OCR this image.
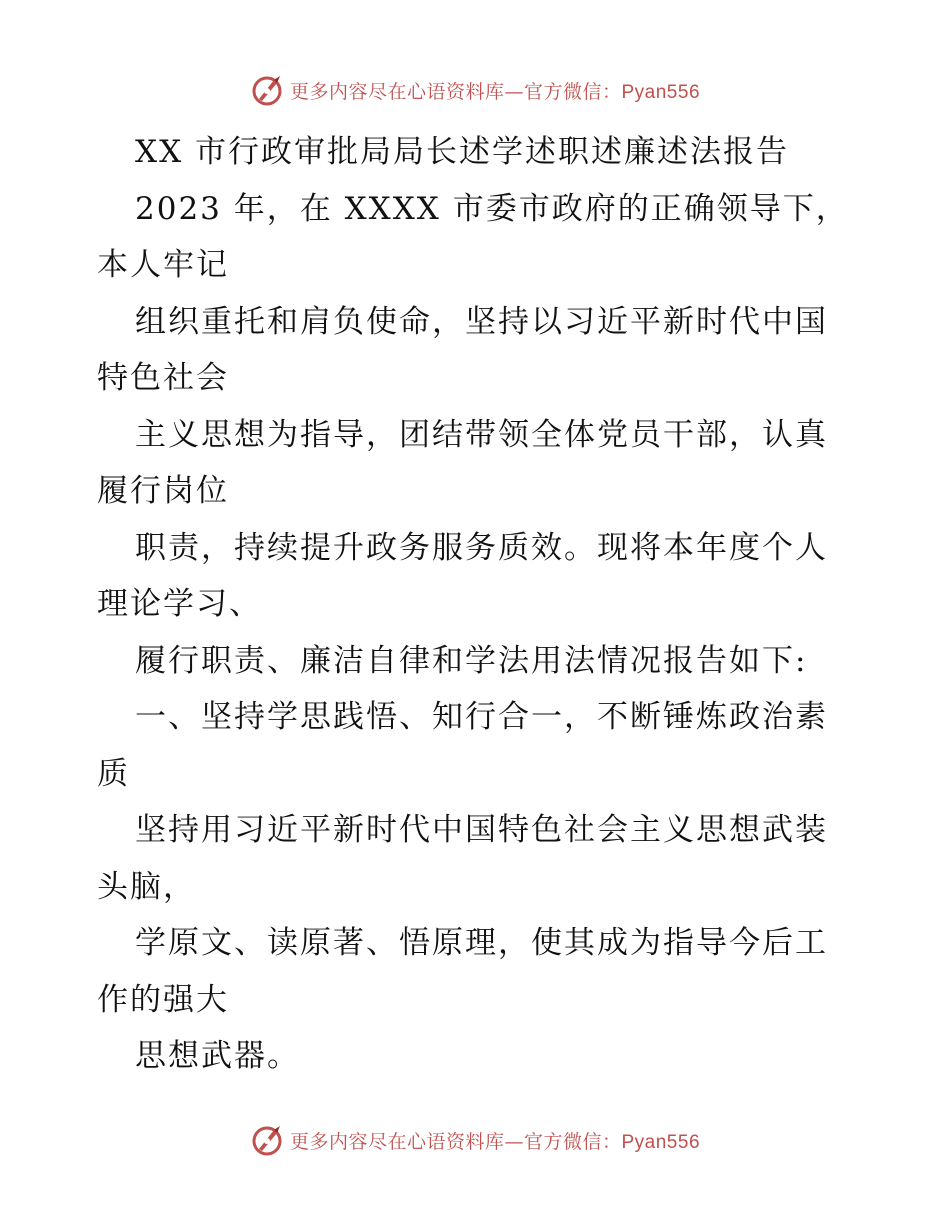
更多内容尽在心语资料库—官方微信：Pyan556
XX 市行政审批局局长述学述职述廉述法报告
2023 年，在 XXXX 市委市政府的正确领导下，
本人牢记
组织重托和肩负使命，坚持以习近平新时代中国
特色社会
主义思想为指导，团结带领全体党员干部，认真
履行岗位
职责，持续提升政务服务质效。现将本年度个人
理论学习、
履行职责、廉洁自律和学法用法情况报告如下:
一、坚持学思践悟、知行合一，不断锤炼政治素
质
坚持用习近平新时代中国特色社会主义思想武装
头脑，
学原文、读原著、悟原理，使其成为指导今后工
作的强大
思想武器。
更多内容尽在心语资料库—官方微信：Pyan556
